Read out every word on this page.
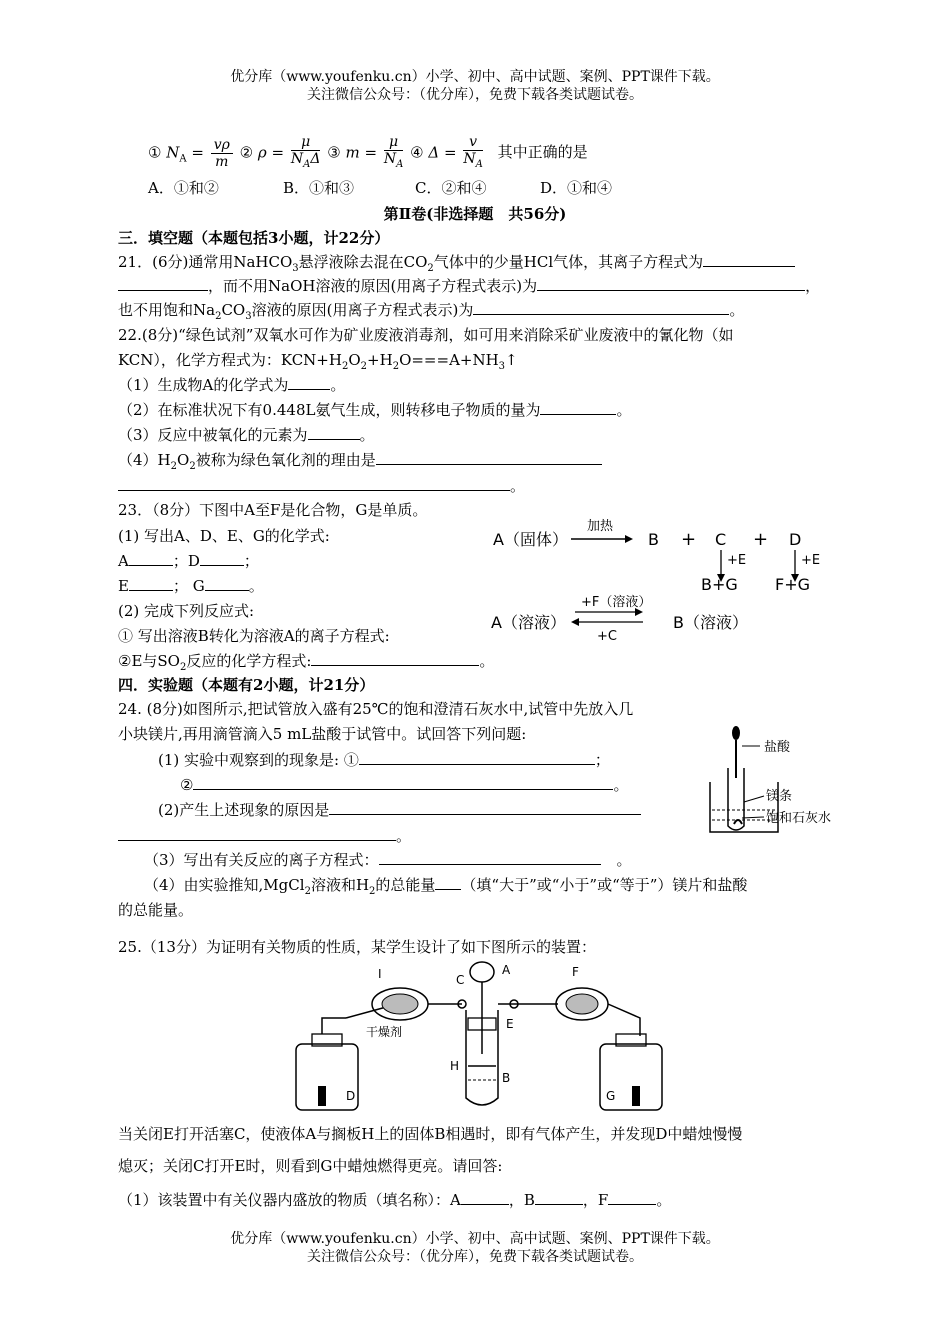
优分库（www.youfenku.cn）小学、初中、高中试题、案例、PPT课件下载。
关注微信公众号：（优分库），免费下载各类试题试卷。
① $N_A = \frac{v\rho}{m}$ ② $\rho = \frac{\mu}{N_A\Delta}$ ③ $m = \frac{\mu}{N_A}$ ④ $\Delta = \frac{v}{N_A}$ 其中正确的是
A．①和②	B．①和③	C．②和④	D．①和④
第Ⅱ卷(非选择题　共56分)
三．填空题（本题包括3小题，计22分）
21．(6分)通常用NaHCO$_3$悬浮液除去混在$CO_2$气体中的少量HCl气体，其离子方程式为
，而不用NaOH溶液的原因(用离子方程式表示)为	，
也不用饱和$Na_2CO_3$溶液的原因(用离子方程式表示)为	。
22.(8分)“绿色试剂”双氧水可作为矿业废液消毒剂，如可用来消除采矿业废液中的氰化物（如
KCN），化学方程式为：$KCN+H_2O_2+H_2O===A+NH_3↑$
（1）生成物A的化学式为	。
（2）在标准状况下有0.448L氨气生成，则转移电子物质的量为	。
（3）反应中被氧化的元素为	。
$(4)H_2O_2$被称为绿色氧化剂的理由是
。
23．（8分）下图中A至F是化合物，G是单质。
(1) 写出A、D、E、G的化学式:
A	；D	；
E	； G	。
(2) 完成下列反应式:
① 写出溶液B转化为溶液A的离子方程式:
②E与$SO_2$反应的化学方程式:	。
A（固体）
加热
B + C + D
+E	+E
B+G F+G
A（溶液）
+F（溶液）
+C
B（溶液）
四．实验题（本题有2小题，计21分）
24. (8分)如图所示,把试管放入盛有25℃的饱和澄清石灰水中,试管中先放入几
小块镁片,再用滴管滴入5 mL盐酸于试管中。试回答下列问题:
(1) 实验中观察到的现象是: ①	；
②	。
(2)产生上述现象的原因是
。
（3）写出有关反应的离子方程式：	。
（4）由实验推知,MgCl$_2$溶液和$H_2$的总能量 （填“大于”或“小于”或“等于”）镁片和盐酸
的总能量。
盐酸
镁条
饱和石灰水
25.（13分）为证明有关物质的性质，某学生设计了如下图所示的装置：
D
I
干燥剂
C
A
H
B
E
F
G
当关闭E打开活塞C，使液体A与搁板H上的固体B相遇时，即有气体产生，并发现D中蜡烛慢慢
熄灭；关闭C打开E时，则看到G中蜡烛燃得更亮。请回答:
（1）该装置中有关仪器内盛放的物质（填名称）：A	，B	，F	。
优分库（www.youfenku.cn）小学、初中、高中试题、案例、PPT课件下载。
关注微信公众号：（优分库），免费下载各类试题试卷。
